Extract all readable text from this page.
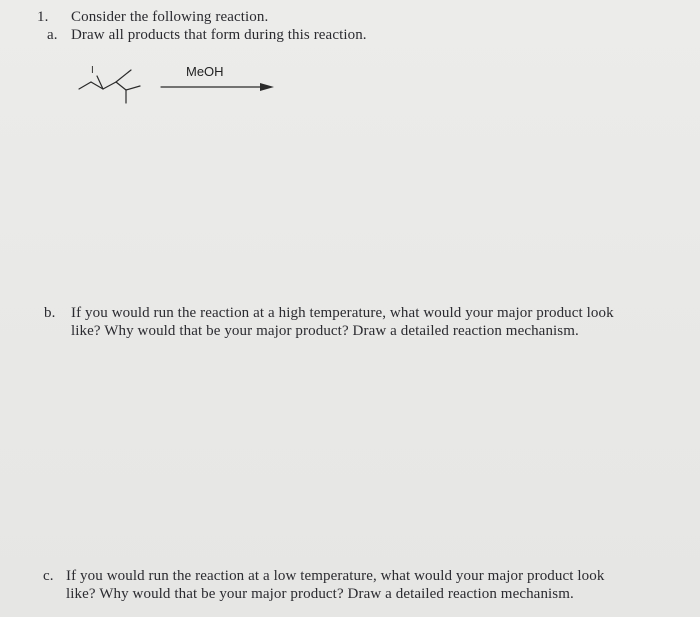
1. Consider the following reaction.
a. Draw all products that form during this reaction.
I	MeOH
b. If you would run the reaction at a high temperature, what would your major product look
like? Why would that be your major product? Draw a detailed reaction mechanism.
c. If you would run the reaction at a low temperature, what would your major product look
like? Why would that be your major product? Draw a detailed reaction mechanism.
